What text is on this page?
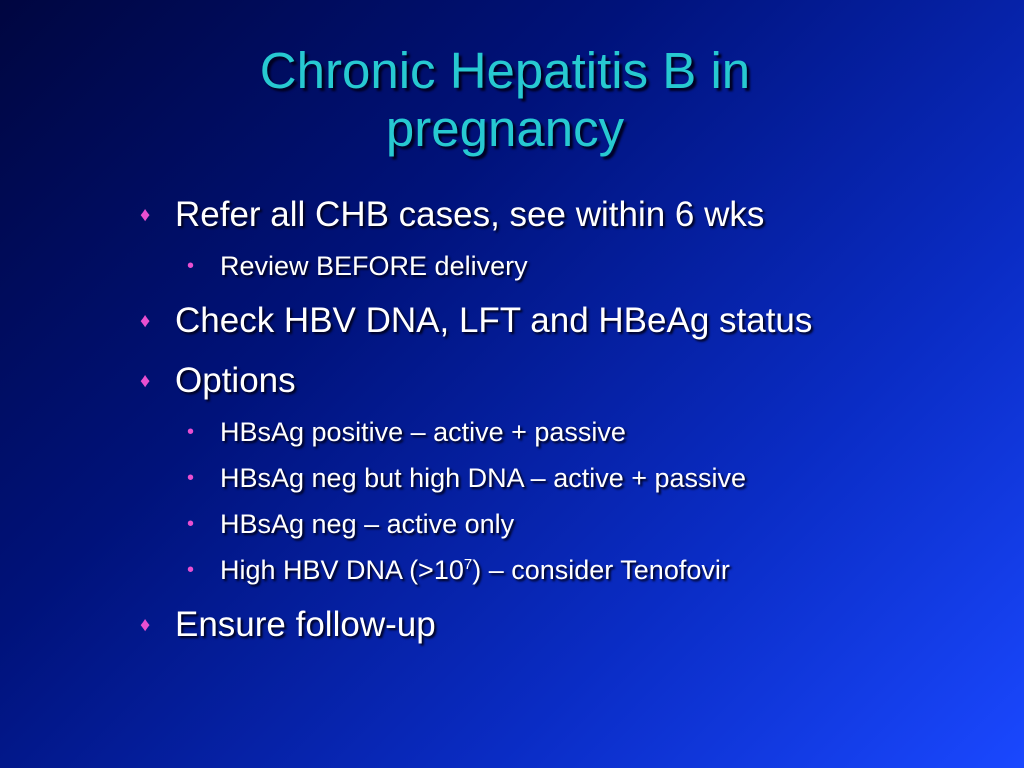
Chronic Hepatitis B in pregnancy
♦ Refer all CHB cases, see within 6 wks
• Review BEFORE delivery
♦ Check HBV DNA, LFT and HBeAg status
♦ Options
• HBsAg positive – active + passive
• HBsAg neg but high DNA – active + passive
• HBsAg neg – active only
• High HBV DNA $(>10^7)$ – consider Tenofovir
♦ Ensure follow-up
